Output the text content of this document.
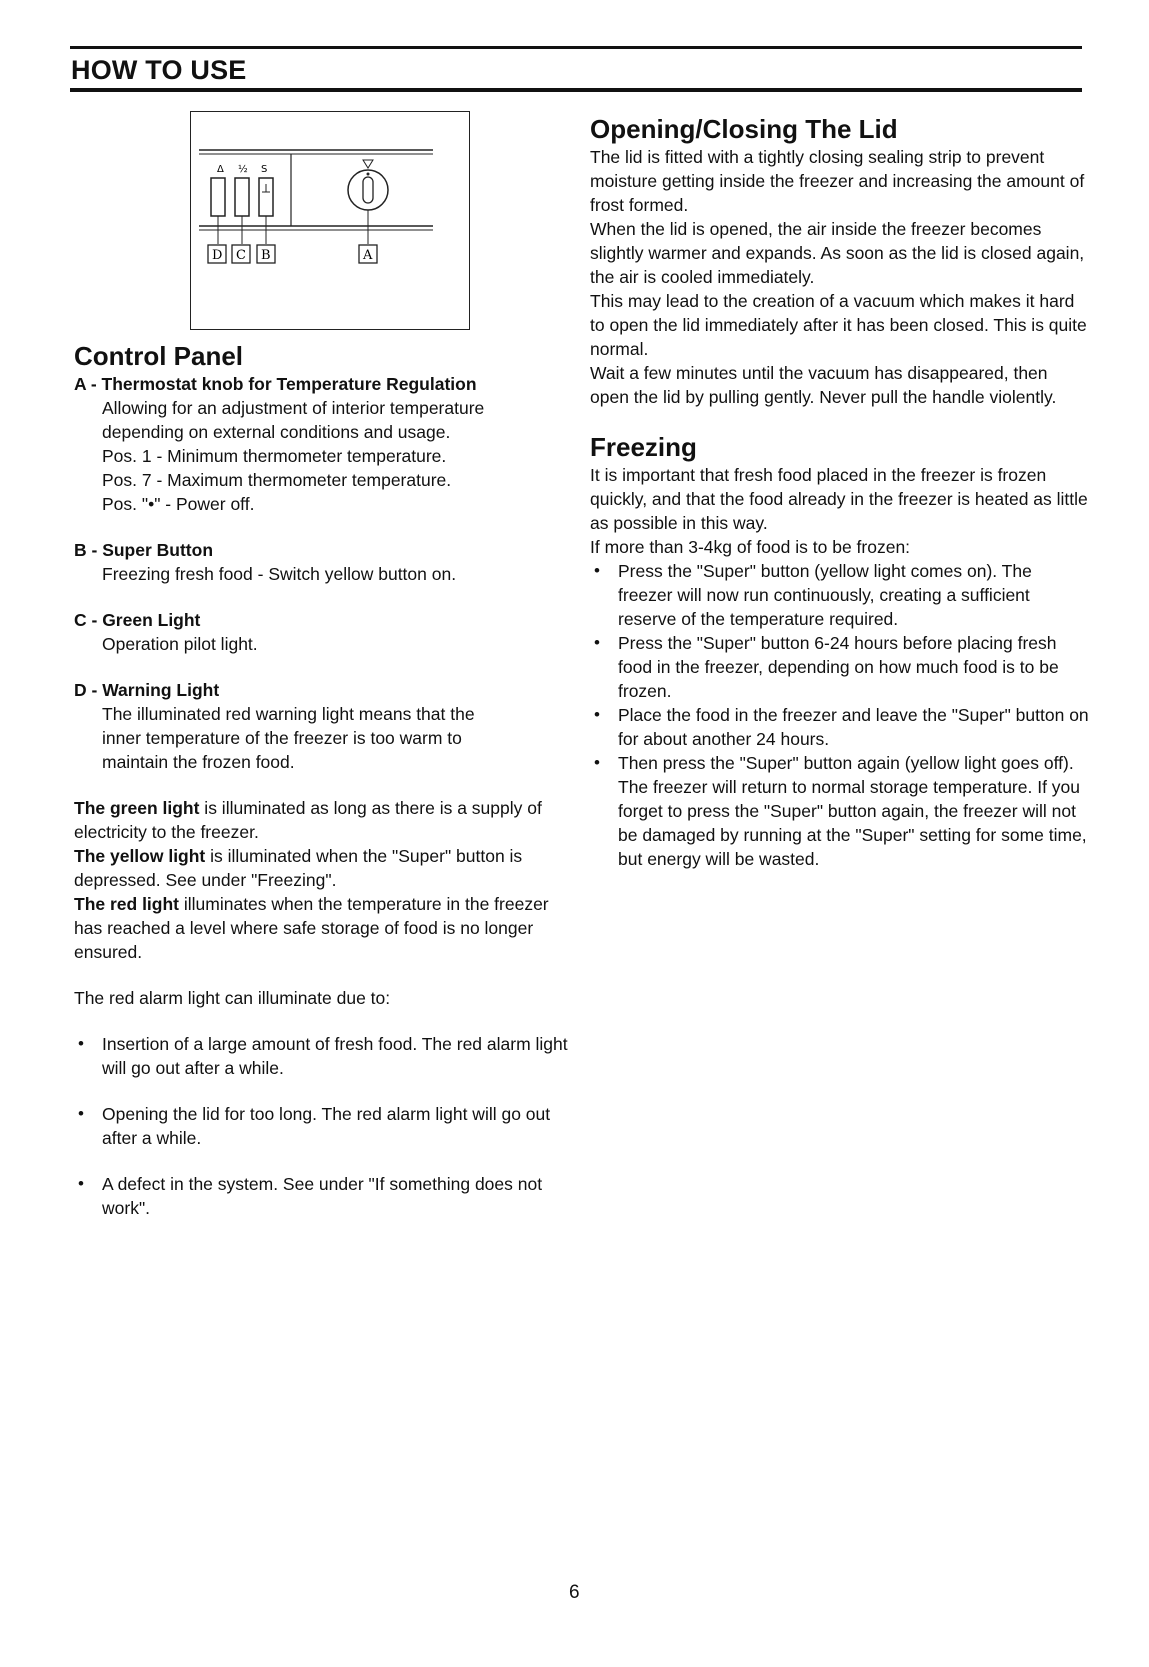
HOW TO USE
Δ ½ S
D C B	A
Control Panel
A - Thermostat knob for Temperature Regulation
Allowing for an adjustment of interior temperature
depending on external conditions and usage.
Pos. 1 - Minimum thermometer temperature.
Pos. 7 - Maximum thermometer temperature.
Pos. "•" - Power off.
B - Super Button
Freezing fresh food - Switch yellow button on.
C - Green Light
Operation pilot light.
D - Warning Light
The illuminated red warning light means that the
inner temperature of the freezer is too warm to
maintain the frozen food.

The green light is illuminated as long as there is a supply of electricity to the freezer.

The yellow light is illuminated when the "Super" button is depressed. See under "Freezing".

The red light illuminates when the temperature in the freezer has reached a level where safe storage of food is no longer ensured.

The red alarm light can illuminate due to:

• Insertion of a large amount of fresh food. The red alarm light will go out after a while.
• Opening the lid for too long. The red alarm light will go out after a while.
• A defect in the system. See under "If something does not work".
Opening/Closing The Lid

The lid is fitted with a tightly closing sealing strip to prevent moisture getting inside the freezer and increasing the amount of frost formed.

When the lid is opened, the air inside the freezer becomes slightly warmer and expands. As soon as the lid is closed again, the air is cooled immediately.

This may lead to the creation of a vacuum which makes it hard to open the lid immediately after it has been closed. This is quite normal.

Wait a few minutes until the vacuum has disappeared, then open the lid by pulling gently. Never pull the handle violently.

Freezing

It is important that fresh food placed in the freezer is frozen quickly, and that the food already in the freezer is heated as little as possible in this way.

If more than 3-4kg of food is to be frozen:

• Press the "Super" button (yellow light comes on). The freezer will now run continuously, creating a sufficient reserve of the temperature required.
• Press the "Super" button 6-24 hours before placing fresh food in the freezer, depending on how much food is to be frozen.
• Place the food in the freezer and leave the "Super" button on for about another 24 hours.
• Then press the "Super" button again (yellow light goes off). The freezer will return to normal storage temperature. If you forget to press the "Super" button again, the freezer will not be damaged by running at the "Super" setting for some time, but energy will be wasted.
6
